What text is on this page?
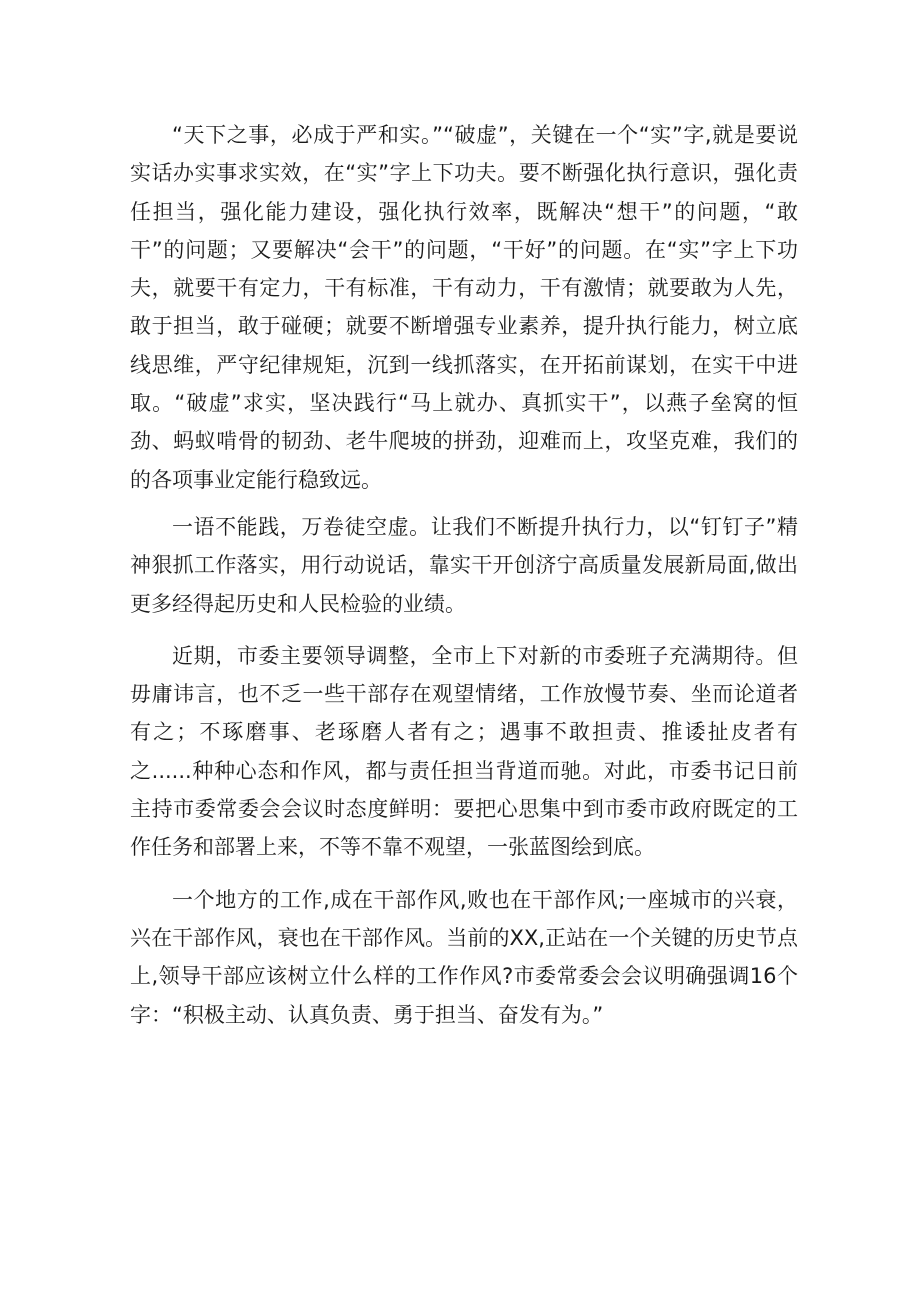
“天下之事，必成于严和实。”“破虚”，关键在一个“实”字,就是要说实话办实事求实效，在“实”字上下功夫。要不断强化执行意识，强化责任担当，强化能力建设，强化执行效率，既解决“想干”的问题，“敢干”的问题；又要解决“会干”的问题，“干好”的问题。在“实”字上下功夫，就要干有定力，干有标准，干有动力，干有激情；就要敢为人先，敢于担当，敢于碰硬；就要不断增强专业素养，提升执行能力，树立底线思维，严守纪律规矩，沉到一线抓落实，在开拓前谋划，在实干中进取。“破虚”求实，坚决践行“马上就办、真抓实干”，以燕子垒窝的恒劲、蚂蚁啃骨的韧劲、老牛爬坡的拼劲，迎难而上，攻坚克难，我们的的各项事业定能行稳致远。

一语不能践，万卷徒空虚。让我们不断提升执行力，以“钉钉子”精神狠抓工作落实，用行动说话，靠实干开创济宁高质量发展新局面,做出更多经得起历史和人民检验的业绩。

近期，市委主要领导调整，全市上下对新的市委班子充满期待。但毋庸讳言，也不乏一些干部存在观望情绪，工作放慢节奏、坐而论道者有之；不琢磨事、老琢磨人者有之；遇事不敢担责、推诿扯皮者有之......种种心态和作风，都与责任担当背道而驰。对此，市委书记日前主持市委常委会会议时态度鲜明：要把心思集中到市委市政府既定的工作任务和部署上来，不等不靠不观望，一张蓝图绘到底。

一个地方的工作,成在干部作风,败也在干部作风;一座城市的兴衰，兴在干部作风，衰也在干部作风。当前的XX,正站在一个关键的历史节点上,领导干部应该树立什么样的工作作风?市委常委会会议明确强调16个字：“积极主动、认真负责、勇于担当、奋发有为。”
